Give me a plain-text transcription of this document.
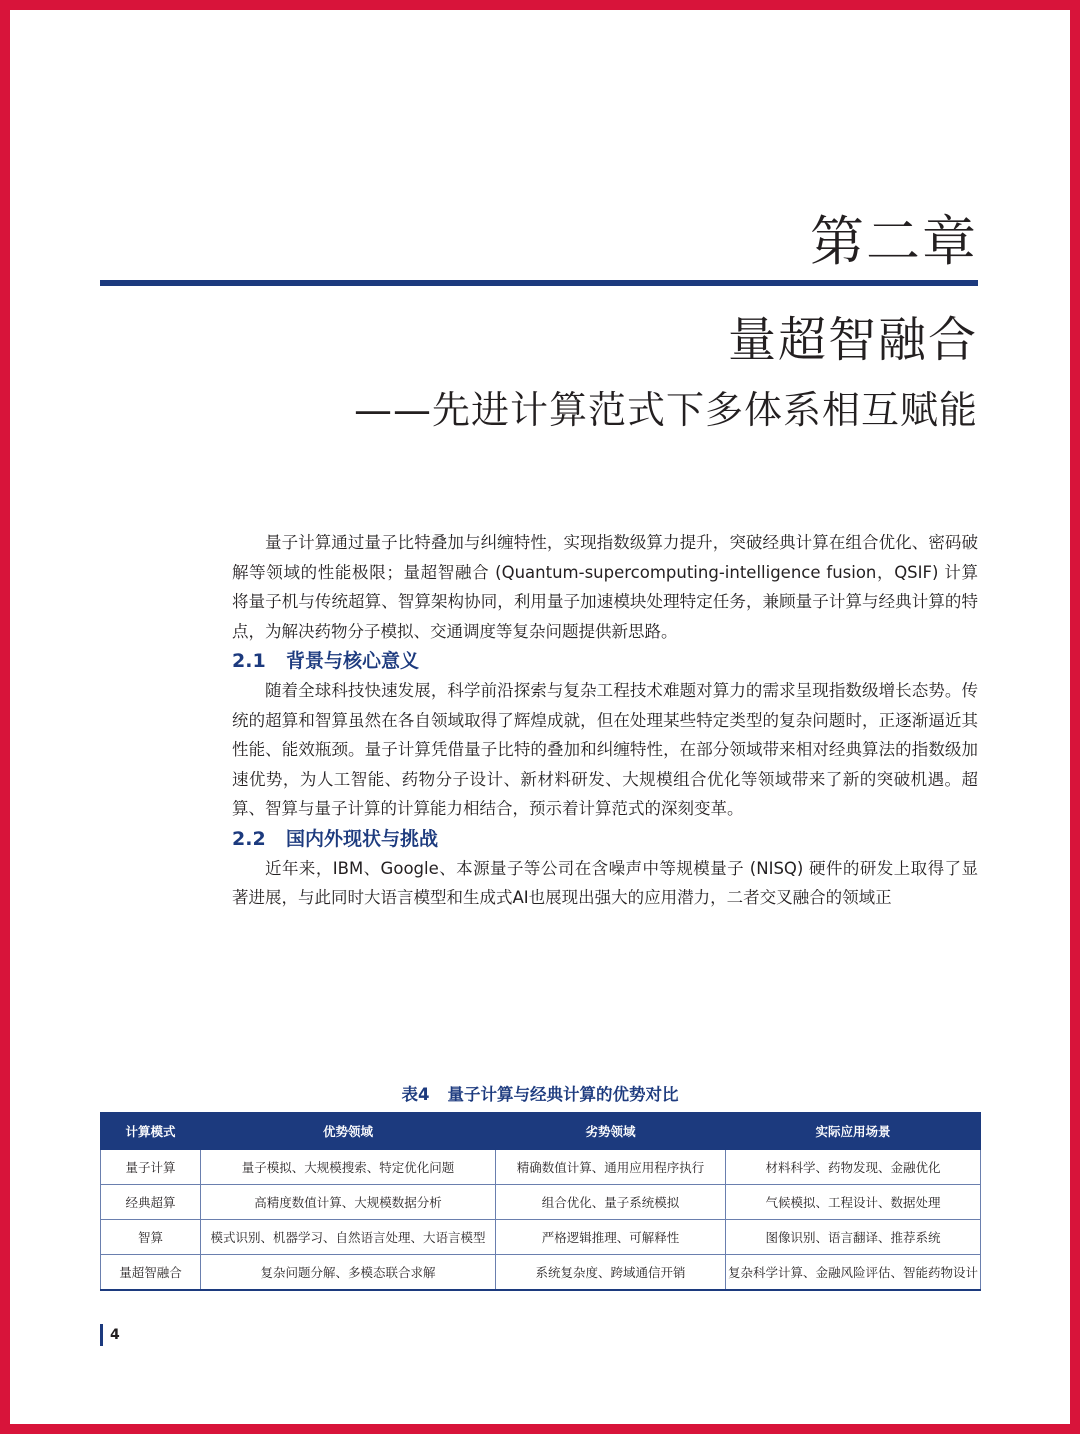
第二章
量超智融合
——先进计算范式下多体系相互赋能

量子计算通过量子比特叠加与纠缠特性，实现指数级算力提升，突破经典计算在组合优化、密码破解等领域的性能极限；量超智融合 (Quantum-supercomputing-intelligence fusion，QSIF) 计算将量子机与传统超算、智算架构协同，利用量子加速模块处理特定任务，兼顾量子计算与经典计算的特点，为解决药物分子模拟、交通调度等复杂问题提供新思路。

2.1 背景与核心意义

随着全球科技快速发展，科学前沿探索与复杂工程技术难题对算力的需求呈现指数级增长态势。传统的超算和智算虽然在各自领域取得了辉煌成就，但在处理某些特定类型的复杂问题时，正逐渐逼近其性能、能效瓶颈。量子计算凭借量子比特的叠加和纠缠特性，在部分领域带来相对经典算法的指数级加速优势，为人工智能、药物分子设计、新材料研发、大规模组合优化等领域带来了新的突破机遇。超算、智算与量子计算的计算能力相结合，预示着计算范式的深刻变革。

2.2 国内外现状与挑战

近年来，IBM、Google、本源量子等公司在含噪声中等规模量子 (NISQ) 硬件的研发上取得了显著进展，与此同时大语言模型和生成式AI也展现出强大的应用潜力，二者交叉融合的领域正

表4 量子计算与经典计算的优势对比
计算模式	优势领域	劣势领域	实际应用场景
量子计算	量子模拟、大规模搜索、特定优化问题	精确数值计算、通用应用程序执行	材料科学、药物发现、金融优化
经典超算	高精度数值计算、大规模数据分析	组合优化、量子系统模拟	气候模拟、工程设计、数据处理
智算	模式识别、机器学习、自然语言处理、大语言模型	严格逻辑推理、可解释性	图像识别、语言翻译、推荐系统
量超智融合	复杂问题分解、多模态联合求解	系统复杂度、跨域通信开销	复杂科学计算、金融风险评估、智能药物设计
4
